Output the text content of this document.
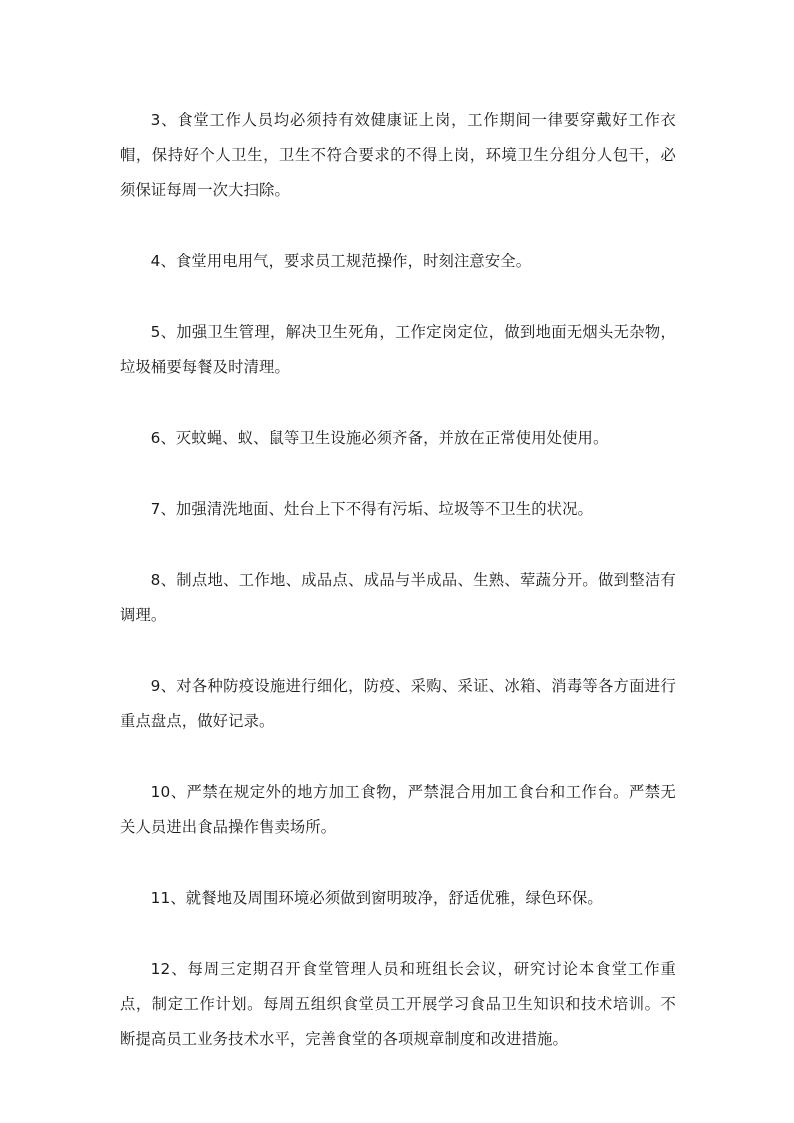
3、食堂工作人员均必须持有效健康证上岗，工作期间一律要穿戴好工作衣帽，保持好个人卫生，卫生不符合要求的不得上岗，环境卫生分组分人包干，必须保证每周一次大扫除。

4、食堂用电用气，要求员工规范操作，时刻注意安全。

5、加强卫生管理，解决卫生死角，工作定岗定位，做到地面无烟头无杂物，垃圾桶要每餐及时清理。

6、灭蚊蝇、蚁、鼠等卫生设施必须齐备，并放在正常使用处使用。

7、加强清洗地面、灶台上下不得有污垢、垃圾等不卫生的状况。

8、制点地、工作地、成品点、成品与半成品、生熟、荤蔬分开。做到整洁有调理。

9、对各种防疫设施进行细化，防疫、采购、采证、冰箱、消毒等各方面进行重点盘点，做好记录。

10、严禁在规定外的地方加工食物，严禁混合用加工食台和工作台。严禁无关人员进出食品操作售卖场所。

11、就餐地及周围环境必须做到窗明玻净，舒适优雅，绿色环保。

12、每周三定期召开食堂管理人员和班组长会议，研究讨论本食堂工作重点，制定工作计划。每周五组织食堂员工开展学习食品卫生知识和技术培训。不断提高员工业务技术水平，完善食堂的各项规章制度和改进措施。
